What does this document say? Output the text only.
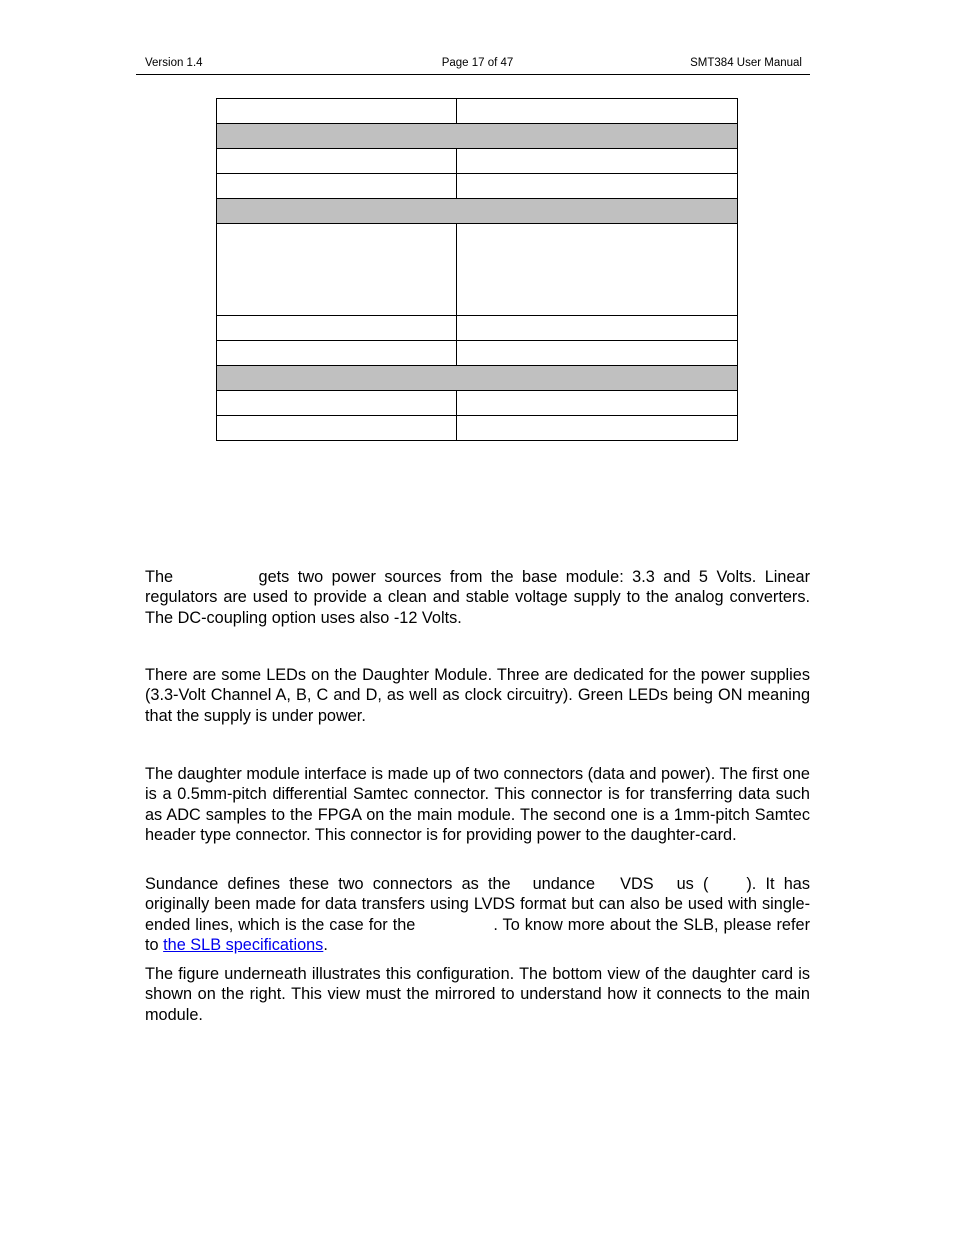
Version 1.4	Page 17 of 47	SMT384 User Manual

The	gets two power sources from the base module: 3.3 and 5 Volts. Linear regulators are used to provide a clean and stable voltage supply to the analog converters. The DC-coupling option uses also -12 Volts.

There are some LEDs on the Daughter Module. Three are dedicated for the power supplies (3.3-Volt Channel A, B, C and D, as well as clock circuitry). Green LEDs being ON meaning that the supply is under power.

The daughter module interface is made up of two connectors (data and power). The first one is a 0.5mm-pitch differential Samtec connector. This connector is for transferring data such as ADC samples to the FPGA on the main module. The second one is a 1mm-pitch Samtec header type connector. This connector is for providing power to the daughter-card.

Sundance defines these two connectors as the undance VDS us ( ). It has originally been made for data transfers using LVDS format but can also be used with single-ended lines, which is the case for the	. To know more about the SLB, please refer to the SLB specifications.

The figure underneath illustrates this configuration. The bottom view of the daughter card is shown on the right. This view must the mirrored to understand how it connects to the main module.
